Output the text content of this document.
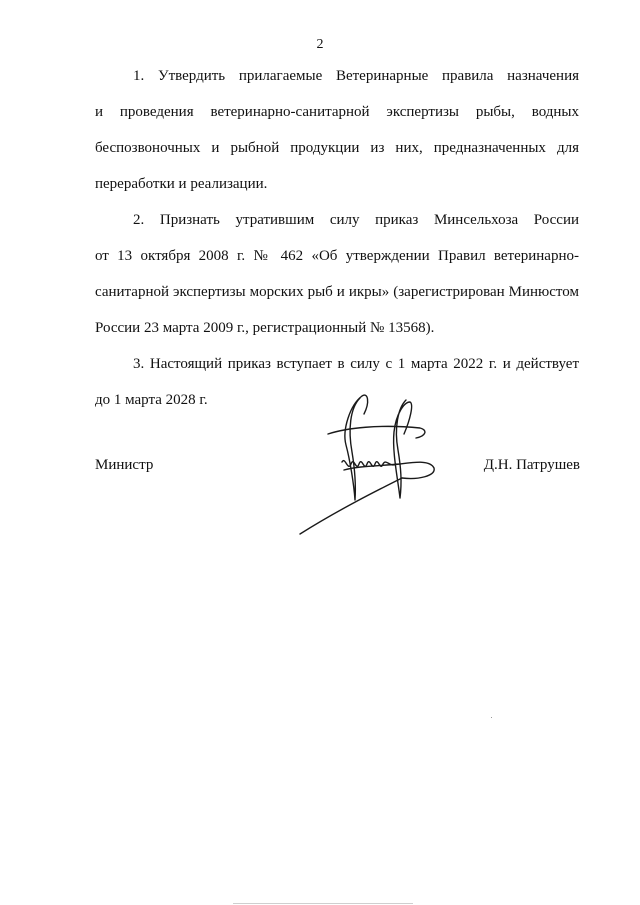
2
1. Утвердить прилагаемые Ветеринарные правила назначения
и проведения ветеринарно-санитарной экспертизы рыбы, водных
беспозвоночных и рыбной продукции из них, предназначенных для
переработки и реализации.
2. Признать утратившим силу приказ Минсельхоза России
от 13 октября 2008 г. № 462 «Об утверждении Правил ветеринарно-
санитарной экспертизы морских рыб и икры» (зарегистрирован Минюстом
России 23 марта 2009 г., регистрационный № 13568).
3. Настоящий приказ вступает в силу с 1 марта 2022 г. и действует
до 1 марта 2028 г.
Министр	Д.Н. Патрушев
